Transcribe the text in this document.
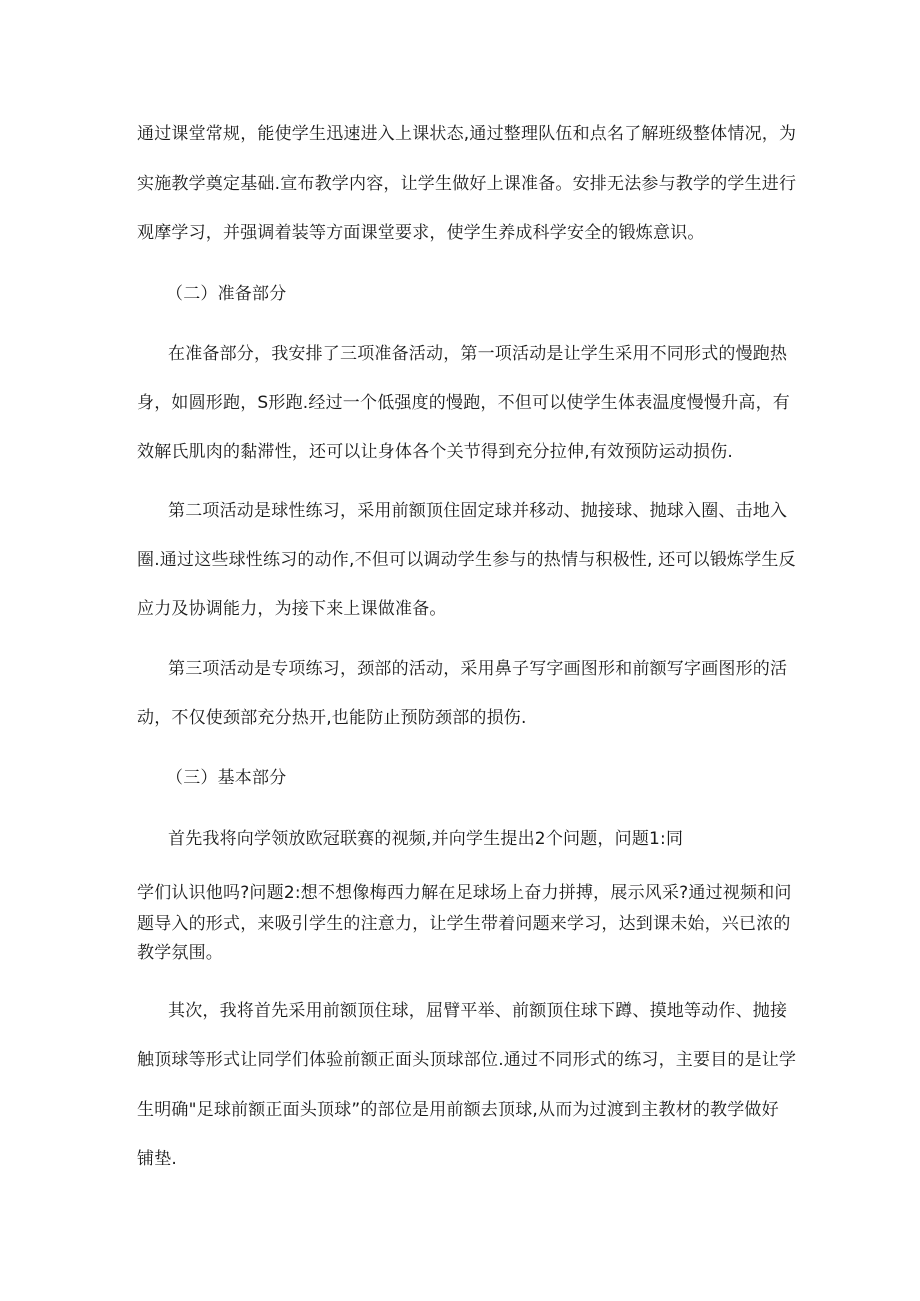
通过课堂常规，能使学生迅速进入上课状态,通过整理队伍和点名了解班级整体情况，为
实施教学奠定基础.宣布教学内容，让学生做好上课准备。安排无法参与教学的学生进行
观摩学习，并强调着装等方面课堂要求，使学生养成科学安全的锻炼意识。
（二）准备部分
在准备部分，我安排了三项准备活动，第一项活动是让学生采用不同形式的慢跑热
身，如圆形跑，S形跑.经过一个低强度的慢跑，不但可以使学生体表温度慢慢升高，有
效解氏肌肉的黏滞性，还可以让身体各个关节得到充分拉伸,有效预防运动损伤.
第二项活动是球性练习，采用前额顶住固定球并移动、抛接球、抛球入圈、击地入
圈.通过这些球性练习的动作,不但可以调动学生参与的热情与积极性, 还可以锻炼学生反
应力及协调能力，为接下来上课做准备。
第三项活动是专项练习，颈部的活动，采用鼻子写字画图形和前额写字画图形的活
动，不仅使颈部充分热开,也能防止预防颈部的损伤.
（三）基本部分
首先我将向学领放欧冠联赛的视频,并向学生提出2个问题，问题1:同
学们认识他吗?问题2:想不想像梅西力解在足球场上奋力拼搏，展示风采?通过视频和问
题导入的形式，来吸引学生的注意力，让学生带着问题来学习，达到课未始，兴已浓的
教学氛围。
其次，我将首先采用前额顶住球，屈臂平举、前额顶住球下蹲、摸地等动作、抛接
触顶球等形式让同学们体验前额正面头顶球部位.通过不同形式的练习，主要目的是让学
生明确"足球前额正面头顶球”的部位是用前额去顶球,从而为过渡到主教材的教学做好
铺垫.
